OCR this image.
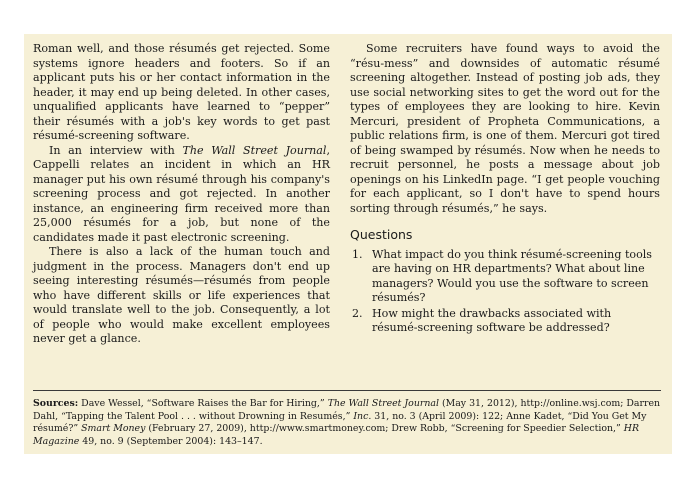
Roman well, and those résumés get rejected. Some systems ignore headers and footers. So if an applicant puts his or her contact information in the header, it may end up being deleted. In other cases, unqualified applicants have learned to “pepper” their résumés with a job's key words to get past résumé-screening software.

In an interview with The Wall Street Journal, Cappelli relates an incident in which an HR manager put his own résumé through his company's screening process and got rejected. In another instance, an engineering firm received more than 25,000 résumés for a job, but none of the candidates made it past electronic screening.

There is also a lack of the human touch and judgment in the process. Managers don't end up seeing interesting résumés—résumés from people who have different skills or life experiences that would translate well to the job. Consequently, a lot of people who would make excellent employees never get a glance.

Some recruiters have found ways to avoid the “résu-mess” and downsides of automatic résumé screening altogether. Instead of posting job ads, they use social networking sites to get the word out for the types of employees they are looking to hire. Kevin Mercuri, president of Propheta Communications, a public relations firm, is one of them. Mercuri got tired of being swamped by résumés. Now when he needs to recruit personnel, he posts a message about job openings on his LinkedIn page. “I get people vouching for each applicant, so I don't have to spend hours sorting through résumés,” he says.

Questions
1. What impact do you think résumé-screening tools are having on HR departments? What about line managers? Would you use the software to screen résumés?
2. How might the drawbacks associated with résumé-screening software be addressed?
Sources: Dave Wessel, “Software Raises the Bar for Hiring,” The Wall Street Journal (May 31, 2012), http://online.wsj.com; Darren Dahl, “Tapping the Talent Pool . . . without Drowning in Resumés,” Inc. 31, no. 3 (April 2009): 122; Anne Kadet, “Did You Get My résumé?” Smart Money (February 27, 2009), http://www.smartmoney.com; Drew Robb, “Screening for Speedier Selection,” HR Magazine 49, no. 9 (September 2004): 143–147.
